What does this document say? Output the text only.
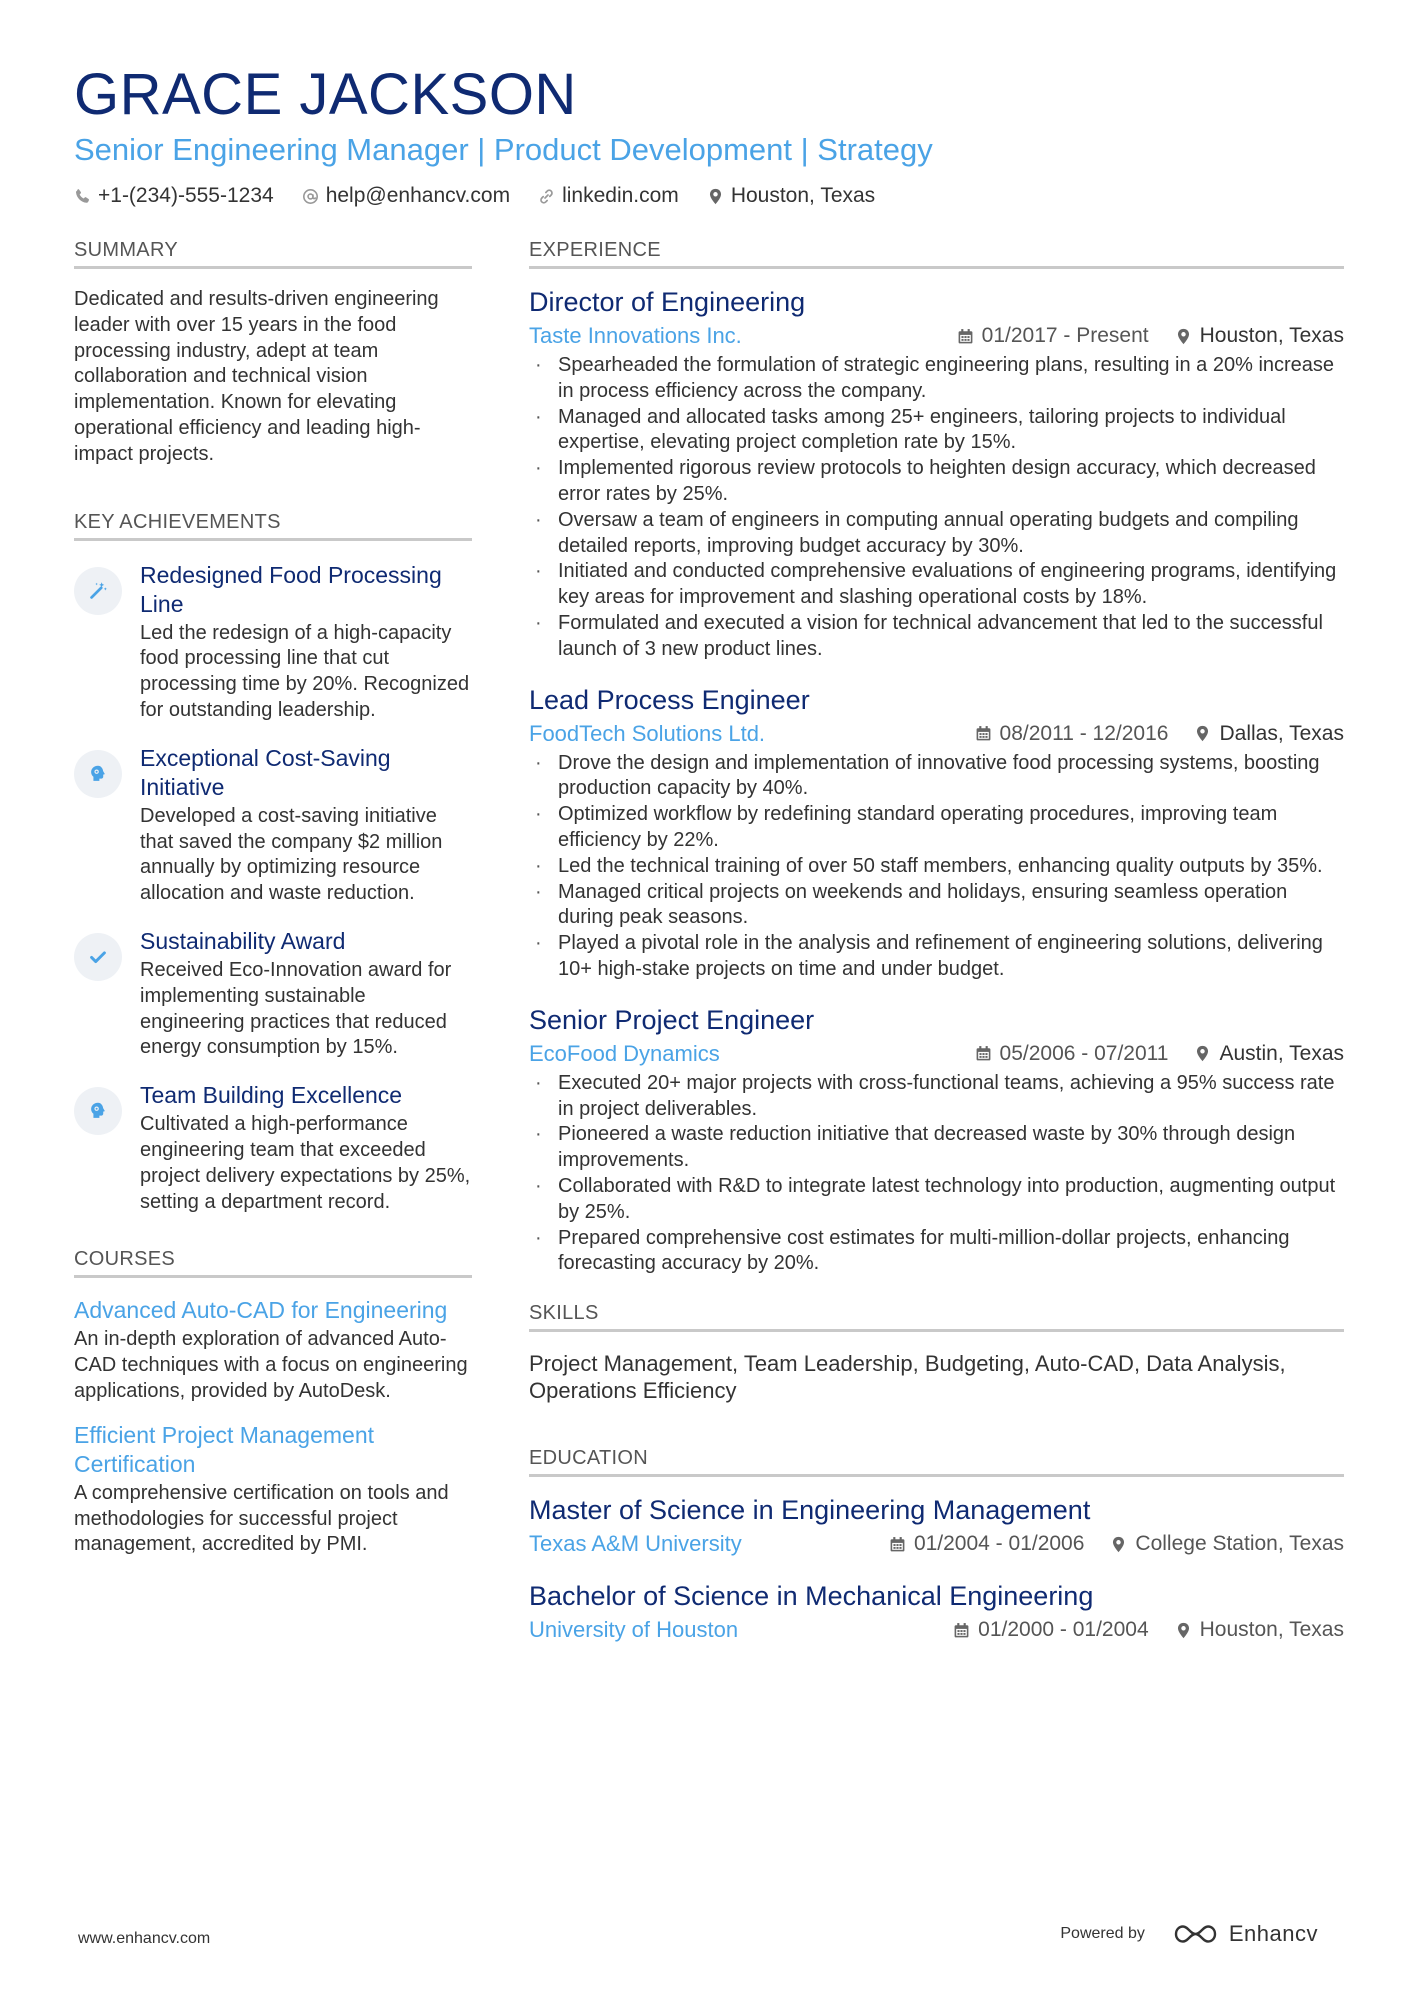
GRACE JACKSON
Senior Engineering Manager | Product Development | Strategy
+1-(234)-555-1234 help@enhancv.com linkedin.com Houston, Texas
SUMMARY

Dedicated and results-driven engineering leader with over 15 years in the food processing industry, adept at team collaboration and technical vision implementation. Known for elevating operational efficiency and leading high-impact projects.

KEY ACHIEVEMENTS
Redesigned Food Processing Line

Led the redesign of a high-capacity food processing line that cut processing time by 20%. Recognized for outstanding leadership.

Exceptional Cost-Saving Initiative

Developed a cost-saving initiative that saved the company $2 million annually by optimizing resource allocation and waste reduction.

Sustainability Award

Received Eco-Innovation award for implementing sustainable engineering practices that reduced energy consumption by 15%.

Team Building Excellence

Cultivated a high-performance engineering team that exceeded project delivery expectations by 25%, setting a department record.

COURSES
Advanced Auto-CAD for Engineering

An in-depth exploration of advanced Auto-CAD techniques with a focus on engineering applications, provided by AutoDesk.

Efficient Project Management Certification

A comprehensive certification on tools and methodologies for successful project management, accredited by PMI.

EXPERIENCE
Director of Engineering
Taste Innovations Inc.	01/2017 - Present Houston, Texas
· Spearheaded the formulation of strategic engineering plans, resulting in a 20% increase in process efficiency across the company.
· Managed and allocated tasks among 25+ engineers, tailoring projects to individual expertise, elevating project completion rate by 15%.
· Implemented rigorous review protocols to heighten design accuracy, which decreased error rates by 25%.
· Oversaw a team of engineers in computing annual operating budgets and compiling detailed reports, improving budget accuracy by 30%.
· Initiated and conducted comprehensive evaluations of engineering programs, identifying key areas for improvement and slashing operational costs by 18%.
· Formulated and executed a vision for technical advancement that led to the successful launch of 3 new product lines.
Lead Process Engineer
FoodTech Solutions Ltd.	08/2011 - 12/2016 Dallas, Texas
· Drove the design and implementation of innovative food processing systems, boosting production capacity by 40%.
· Optimized workflow by redefining standard operating procedures, improving team efficiency by 22%.
· Led the technical training of over 50 staff members, enhancing quality outputs by 35%.
· Managed critical projects on weekends and holidays, ensuring seamless operation during peak seasons.
· Played a pivotal role in the analysis and refinement of engineering solutions, delivering 10+ high-stake projects on time and under budget.
Senior Project Engineer
EcoFood Dynamics	05/2006 - 07/2011 Austin, Texas
· Executed 20+ major projects with cross-functional teams, achieving a 95% success rate in project deliverables.
· Pioneered a waste reduction initiative that decreased waste by 30% through design improvements.
· Collaborated with R&D to integrate latest technology into production, augmenting output by 25%.
· Prepared comprehensive cost estimates for multi-million-dollar projects, enhancing forecasting accuracy by 20%.
SKILLS

Project Management, Team Leadership, Budgeting, Auto-CAD, Data Analysis, Operations Efficiency

EDUCATION
Master of Science in Engineering Management
Texas A&M University	01/2004 - 01/2006 College Station, Texas
Bachelor of Science in Mechanical Engineering
University of Houston	01/2000 - 01/2004 Houston, Texas
www.enhancv.com	Powered by	Enhancv
